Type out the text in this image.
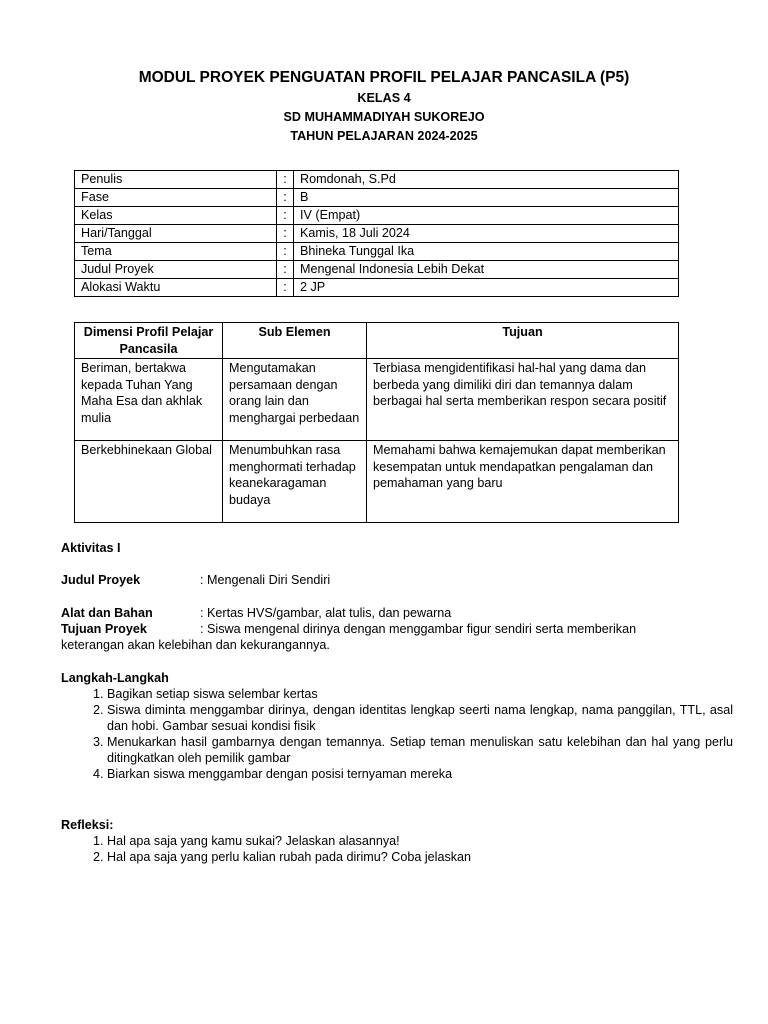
MODUL PROYEK PENGUATAN PROFIL PELAJAR PANCASILA (P5)
KELAS 4
SD MUHAMMADIYAH SUKOREJO
TAHUN PELAJARAN 2024-2025
Penulis	:	Romdonah, S.Pd
Fase	:	B
Kelas	:	IV (Empat)
Hari/Tanggal	:	Kamis, 18 Juli 2024
Tema	:	Bhineka Tunggal Ika
Judul Proyek	:	Mengenal Indonesia Lebih Dekat
Alokasi Waktu	:	2 JP
Dimensi Profil Pelajar Pancasila	Sub Elemen	Tujuan
Beriman, bertakwa kepada Tuhan Yang Maha Esa dan akhlak mulia	Mengutamakan persamaan dengan orang lain dan menghargai perbedaan	Terbiasa mengidentifikasi hal-hal yang dama dan berbeda yang dimiliki diri dan temannya dalam berbagai hal serta memberikan respon secara positif
Berkebhinekaan Global	Menumbuhkan rasa menghormati terhadap keanekaragaman budaya	Memahami bahwa kemajemukan dapat memberikan kesempatan untuk mendapatkan pengalaman dan pemahaman yang baru
Aktivitas I
Judul Proyek	: Mengenali Diri Sendiri
Alat dan Bahan	: Kertas HVS/gambar, alat tulis, dan pewarna
Tujuan Proyek	: Siswa mengenal dirinya dengan menggambar figur sendiri serta memberikan
keterangan akan kelebihan dan kekurangannya.
Langkah-Langkah
1. Bagikan setiap siswa selembar kertas
2. Siswa diminta menggambar dirinya, dengan identitas lengkap seerti nama lengkap, nama panggilan, TTL, asal dan hobi. Gambar sesuai kondisi fisik
3. Menukarkan hasil gambarnya dengan temannya. Setiap teman menuliskan satu kelebihan dan hal yang perlu ditingkatkan oleh pemilik gambar
4. Biarkan siswa menggambar dengan posisi ternyaman mereka
Refleksi:
1. Hal apa saja yang kamu sukai? Jelaskan alasannya!
2. Hal apa saja yang perlu kalian rubah pada dirimu? Coba jelaskan
